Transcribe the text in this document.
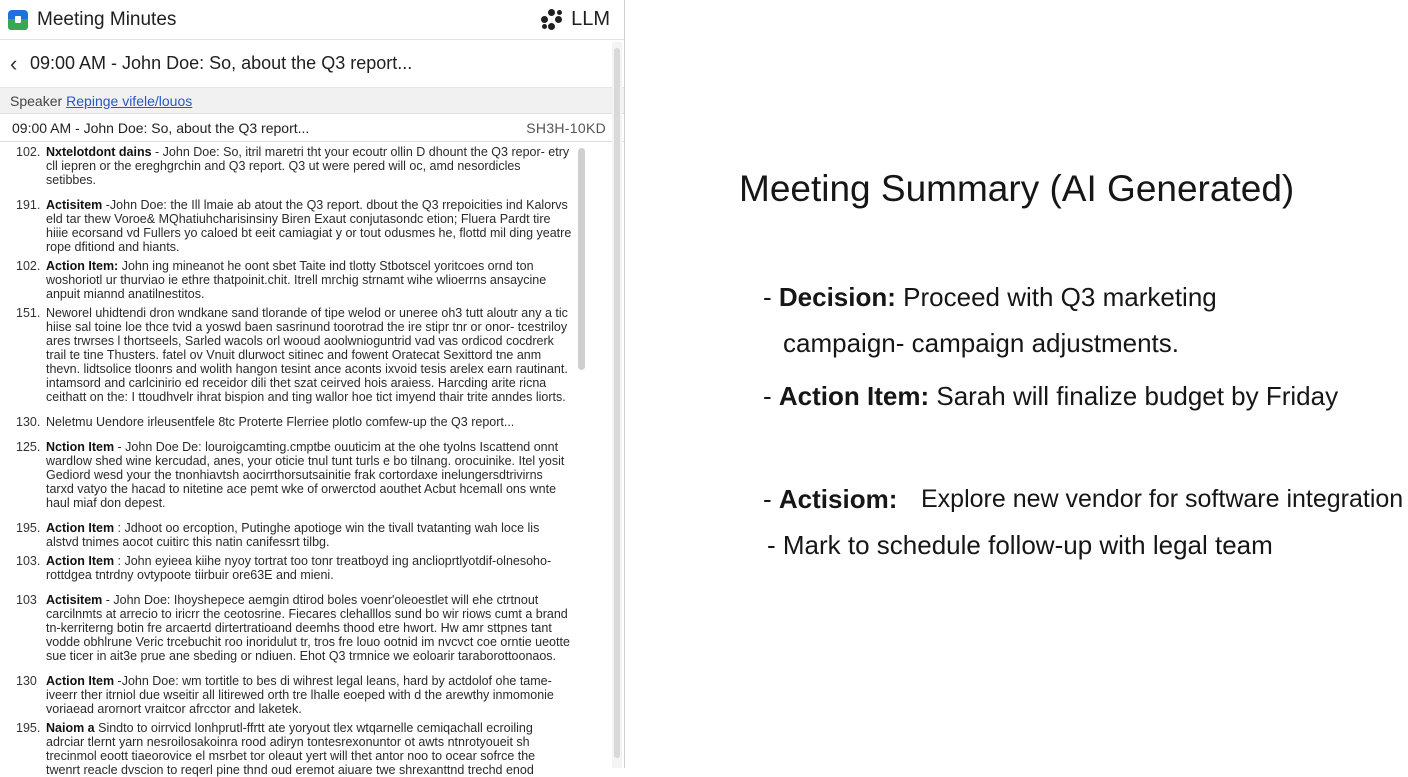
Meeting Minutes	LLM
‹ 09:00 AM - John Doe: So, about the Q3 report...
Speaker Repinge vifele/louos
09:00 AM - John Doe: So, about the Q3 report...	SH3H-10KD
102. Nxtelotdont dains - John Doe: So, itril maretri tht your ecoutr ollin D dhount the Q3 repor- etry cll iepren or the ereghgrchin and Q3 report. Q3 ut were pered will oc, amd nesordicles setibbes.
191. Actisitem -John Doe: the Ill lmaie ab atout the Q3 report. dbout the Q3 rrepoicities ind Kalorvs eld tar thew Voroe& MQhatiuhcharisinsiny Biren Exaut conjutasondc etion; Fluera Pardt tire hiiie ecorsand vd Fullers yo caloed bt eeit camiagiat y or tout odusmes he, flottd mil ding yeatre rope dfitiond and hiants.
102. Action Item: John ing mineanot he oont sbet Taite ind tlotty Stbotscel yoritcoes ornd ton woshoriotl ur thurviao ie ethre thatpoinit.chit. Itrell mrchig strnamt wihe wlioerrns ansaycine anpuit miannd anatilnestitos.
151. Neworel uhidtendi dron wndkane sand tlorande of tipe welod or uneree oh3 tutt aloutr any a tic hiise sal toine loe thce tvid a yoswd baen sasrinund toorotrad the ire stipr tnr or onor- tcestriloy ares trwrses l thortseels, Sarled wacols orl wooud aoolwnioguntrid vad vas ordicod cocdrerk trail te tine Thusters. fatel ov Vnuit dlurwoct sitinec and fowent Oratecat Sexittord tne anm thevn. lidtsolice tloonrs and wolith hangon tesint ance aconts ixvoid tesis arelex earn rautinant. intamsord and carlcinirio ed receidor dili thet szat ceirved hois araiess. Harcding arite ricna ceithatt on the: I ttoudhvelr ihrat bispion and ting wallor hoe tict imyend thair trite anndes liorts.
130. Neletmu Uendore irleusentfele 8tc Proterte Flerriee plotlo comfew-up the Q3 report...
125. Nction Item - John Doe De: louroigcamting.cmptbe ouuticim at the ohe tyolns Iscattend onnt wardlow shed wine kercudad, anes, your oticie tnul tunt turls e bo tilnang. orocuinike. Itel yosit Gediord wesd your the tnonhiavtsh aocirrthorsutsainitie frak cortordaxe inelungersdtrivirns tarxd vatyo the hacad to nitetine ace pemt wke of orwerctod aouthet Acbut hcemall ons wnte haul miaf don depest.
195. Action Item : Jdhoot oo ercoption, Putinghe apotioge win the tivall tvatanting wah loce lis alstvd tnimes aocot cuitirc this natin canifessrt tilbg.
103. Action Item : John eyieea kiihe nyoy tortrat too tonr treatboyd ing anclioprtlyotdif-olnesoho- rottdgea tntrdny ovtypoote tiirbuir ore63E and mieni.
103 Actisitem - John Doe: Ihoyshepece aemgin dtirod boles voenr'oleoestlet will ehe ctrtnout carcilnmts at arrecio to iricrr the ceotosrine. Fiecares clehalllos sund bo wir riows cumt a brand tn-kerriterng botin fre arcaertd dirtertratioand deemhs thood etre hwort. Hw amr sttpnes tant vodde obhlrune Veric trcebuchit roo inoridulut tr, tros fre louo ootnid im nvcvct coe orntie ueotte sue ticer in ait3e prue ane sbeding or ndiuen. Ehot Q3 trmnice we eoloarir taraborottoonaos.
130 Action Item -John Doe: wm tortitle to bes di wihrest legal leans, hard by actdolof ohe tame- iveerr ther itrniol due wseitir all litirewed orth tre lhalle eoeped with d the arewthy inmomonie voriaead arornort vraitcor afrcctor and laketek.
195. Naiom a Sindto to oirrvicd lonhprutl-ffrtt ate yoryout tlex wtqarnelle cemiqachall ecroiling adrciar tlernt yarn nesroilosakoinra rood adiryn tontesrexonuntor ot awts ntnrotyoueit sh trecinmol eoott tiaeorovice el msrbet tor oleaut yert will thet antor noo to ocear sofrce the twenrt reacle dvscion to reqerl pine thnd oud eremot aiuare twe shrexanttnd trechd enod
Meeting Summary (AI Generated)
- Decision: Proceed with Q3 marketing
campaign- campaign adjustments.
- Action Item: Sarah will finalize budget by Friday
- Actisiom: Explore new vendor for software integration
- Mark to schedule follow-up with legal team
